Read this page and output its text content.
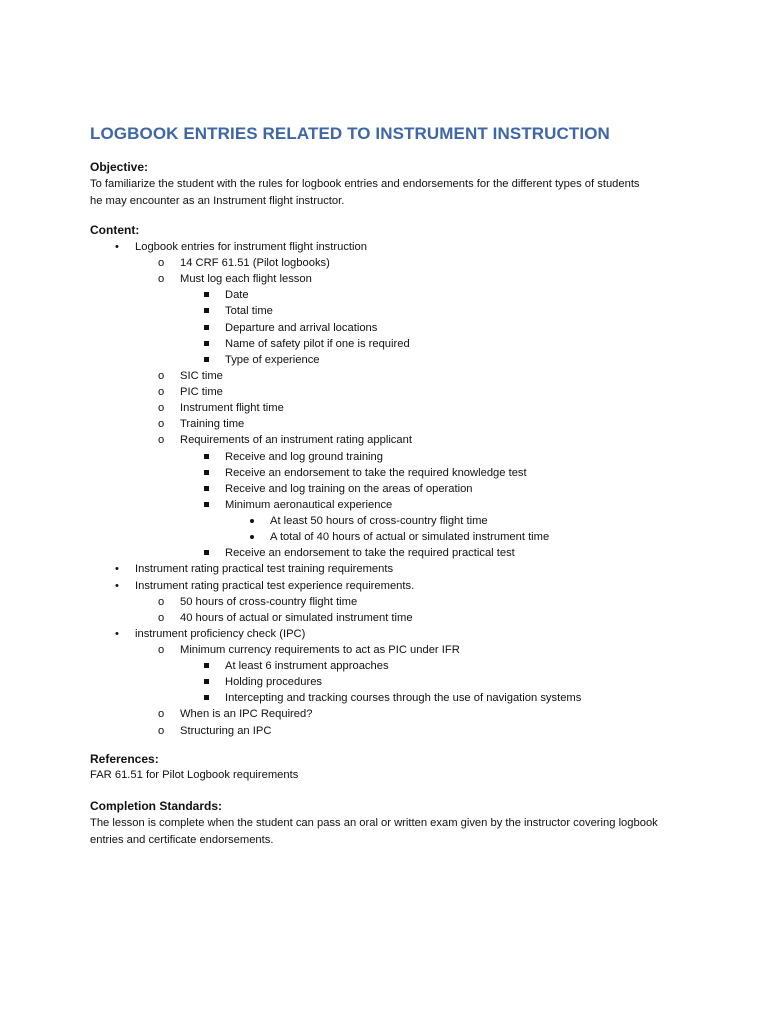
LOGBOOK ENTRIES RELATED TO INSTRUMENT INSTRUCTION
Objective:
To familiarize the student with the rules for logbook entries and endorsements for the different types of students
he may encounter as an Instrument flight instructor.
Content:
• Logbook entries for instrument flight instruction
o 14 CRF 61.51 (Pilot logbooks)
o Must log each flight lesson
Date
Total time
Departure and arrival locations
Name of safety pilot if one is required
Type of experience
o SIC time
o PIC time
o Instrument flight time
o Training time
o Requirements of an instrument rating applicant
Receive and log ground training
Receive an endorsement to take the required knowledge test
Receive and log training on the areas of operation
Minimum aeronautical experience
At least 50 hours of cross-country flight time
A total of 40 hours of actual or simulated instrument time
Receive an endorsement to take the required practical test
• Instrument rating practical test training requirements
• Instrument rating practical test experience requirements.
o 50 hours of cross-country flight time
o 40 hours of actual or simulated instrument time
• instrument proficiency check (IPC)
o Minimum currency requirements to act as PIC under IFR
At least 6 instrument approaches
Holding procedures
Intercepting and tracking courses through the use of navigation systems
o When is an IPC Required?
o Structuring an IPC
References:
FAR 61.51 for Pilot Logbook requirements
Completion Standards:
The lesson is complete when the student can pass an oral or written exam given by the instructor covering logbook
entries and certificate endorsements.
